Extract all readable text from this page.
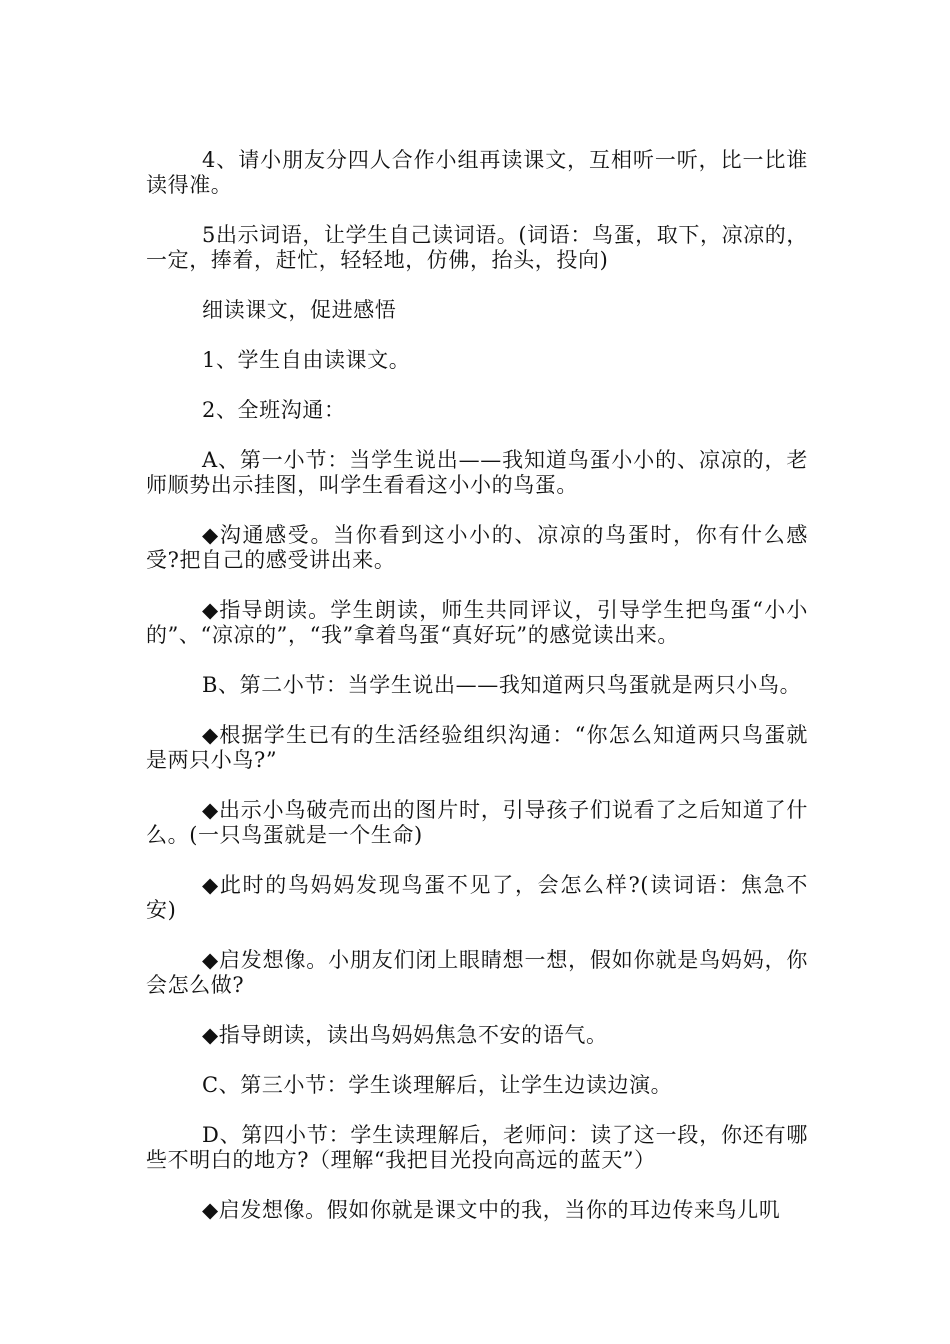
4、请小朋友分四人合作小组再读课文，互相听一听，比一比谁读得准。

5出示词语，让学生自己读词语。(词语：鸟蛋，取下，凉凉的，一定，捧着，赶忙，轻轻地，仿佛，抬头，投向)

细读课文，促进感悟

1、学生自由读课文。

2、全班沟通：

A、第一小节：当学生说出——我知道鸟蛋小小的、凉凉的，老师顺势出示挂图，叫学生看看这小小的鸟蛋。

◆沟通感受。当你看到这小小的、凉凉的鸟蛋时，你有什么感受?把自己的感受讲出来。

◆指导朗读。学生朗读，师生共同评议，引导学生把鸟蛋“小小的”、“凉凉的”，“我”拿着鸟蛋“真好玩”的感觉读出来。

B、第二小节：当学生说出——我知道两只鸟蛋就是两只小鸟。

◆根据学生已有的生活经验组织沟通：“你怎么知道两只鸟蛋就是两只小鸟?”

◆出示小鸟破壳而出的图片时，引导孩子们说看了之后知道了什么。(一只鸟蛋就是一个生命)

◆此时的鸟妈妈发现鸟蛋不见了，会怎么样?(读词语：焦急不安)

◆启发想像。小朋友们闭上眼睛想一想，假如你就是鸟妈妈，你会怎么做?

◆指导朗读，读出鸟妈妈焦急不安的语气。

C、第三小节：学生谈理解后，让学生边读边演。

D、第四小节：学生读理解后，老师问：读了这一段，你还有哪些不明白的地方?（理解“我把目光投向高远的蓝天”）

◆启发想像。假如你就是课文中的我，当你的耳边传来鸟儿叽
